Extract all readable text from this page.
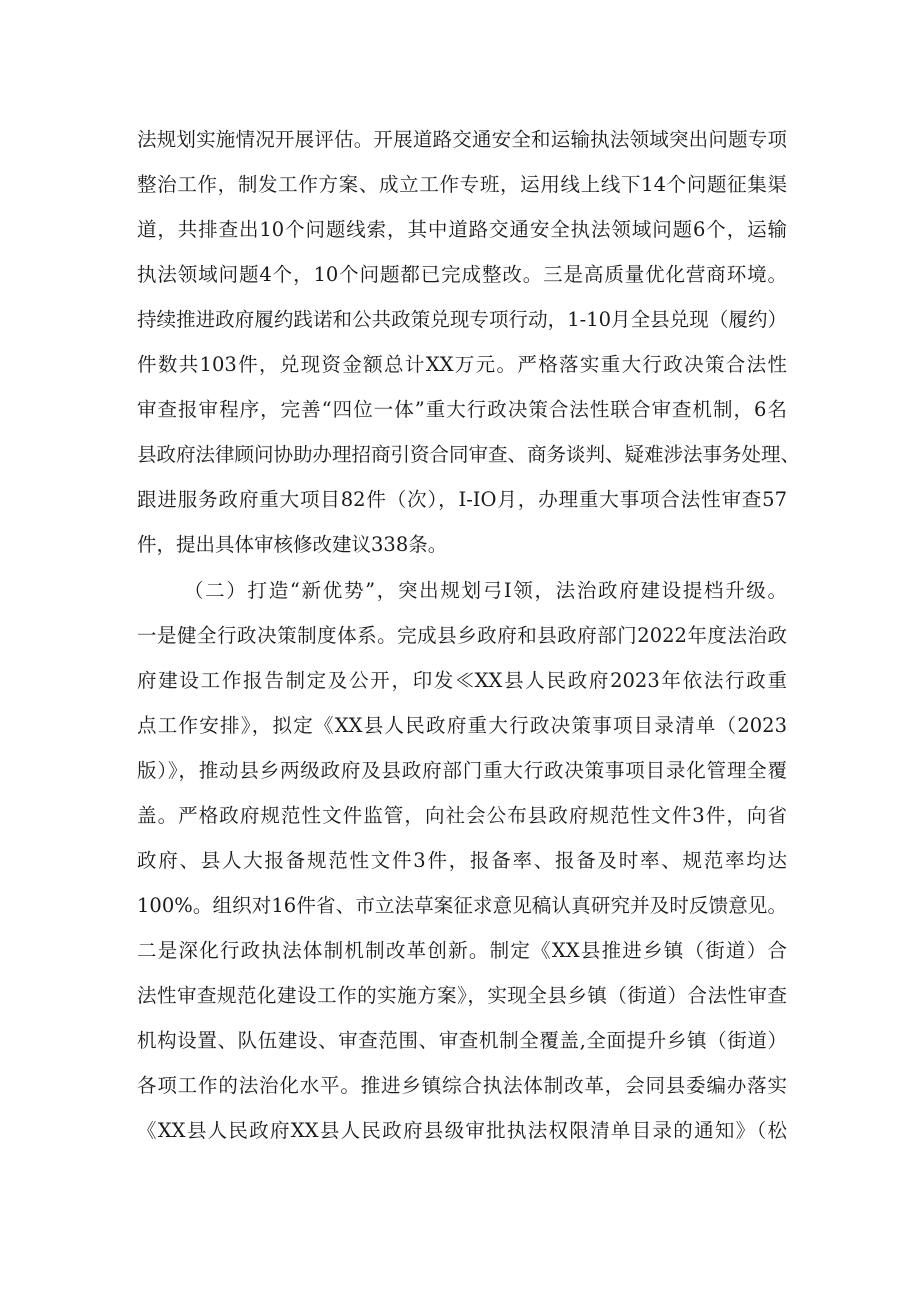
法规划实施情况开展评估。开展道路交通安全和运输执法领域突出问题专项
整治工作，制发工作方案、成立工作专班，运用线上线下14个问题征集渠
道，共排查出10个问题线索，其中道路交通安全执法领域问题6个，运输
执法领域问题4个，10个问题都已完成整改。三是高质量优化营商环境。
持续推进政府履约践诺和公共政策兑现专项行动，1-10月全县兑现（履约）
件数共103件，兑现资金额总计XX万元。严格落实重大行政决策合法性
审查报审程序，完善“四位一体”重大行政决策合法性联合审查机制，6名
县政府法律顾问协助办理招商引资合同审查、商务谈判、疑难涉法事务处理、
跟进服务政府重大项目82件（次），I-IO月，办理重大事项合法性审查57
件，提出具体审核修改建议338条。
（二）打造“新优势”，突出规划弓I领，法治政府建设提档升级。
一是健全行政决策制度体系。完成县乡政府和县政府部门2022年度法治政
府建设工作报告制定及公开，印发≪XX县人民政府2023年依法行政重
点工作安排》，拟定《XX县人民政府重大行政决策事项目录清单（2023
版）》，推动县乡两级政府及县政府部门重大行政决策事项目录化管理全覆
盖。严格政府规范性文件监管，向社会公布县政府规范性文件3件，向省
政府、县人大报备规范性文件3件，报备率、报备及时率、规范率均达
100%。组织对16件省、市立法草案征求意见稿认真研究并及时反馈意见。
二是深化行政执法体制机制改革创新。制定《XX县推进乡镇（街道）合
法性审查规范化建设工作的实施方案》，实现全县乡镇（街道）合法性审查
机构设置、队伍建设、审查范围、审查机制全覆盖,全面提升乡镇（街道）
各项工作的法治化水平。推进乡镇综合执法体制改革，会同县委编办落实
《XX县人民政府XX县人民政府县级审批执法权限清单目录的通知》（松
